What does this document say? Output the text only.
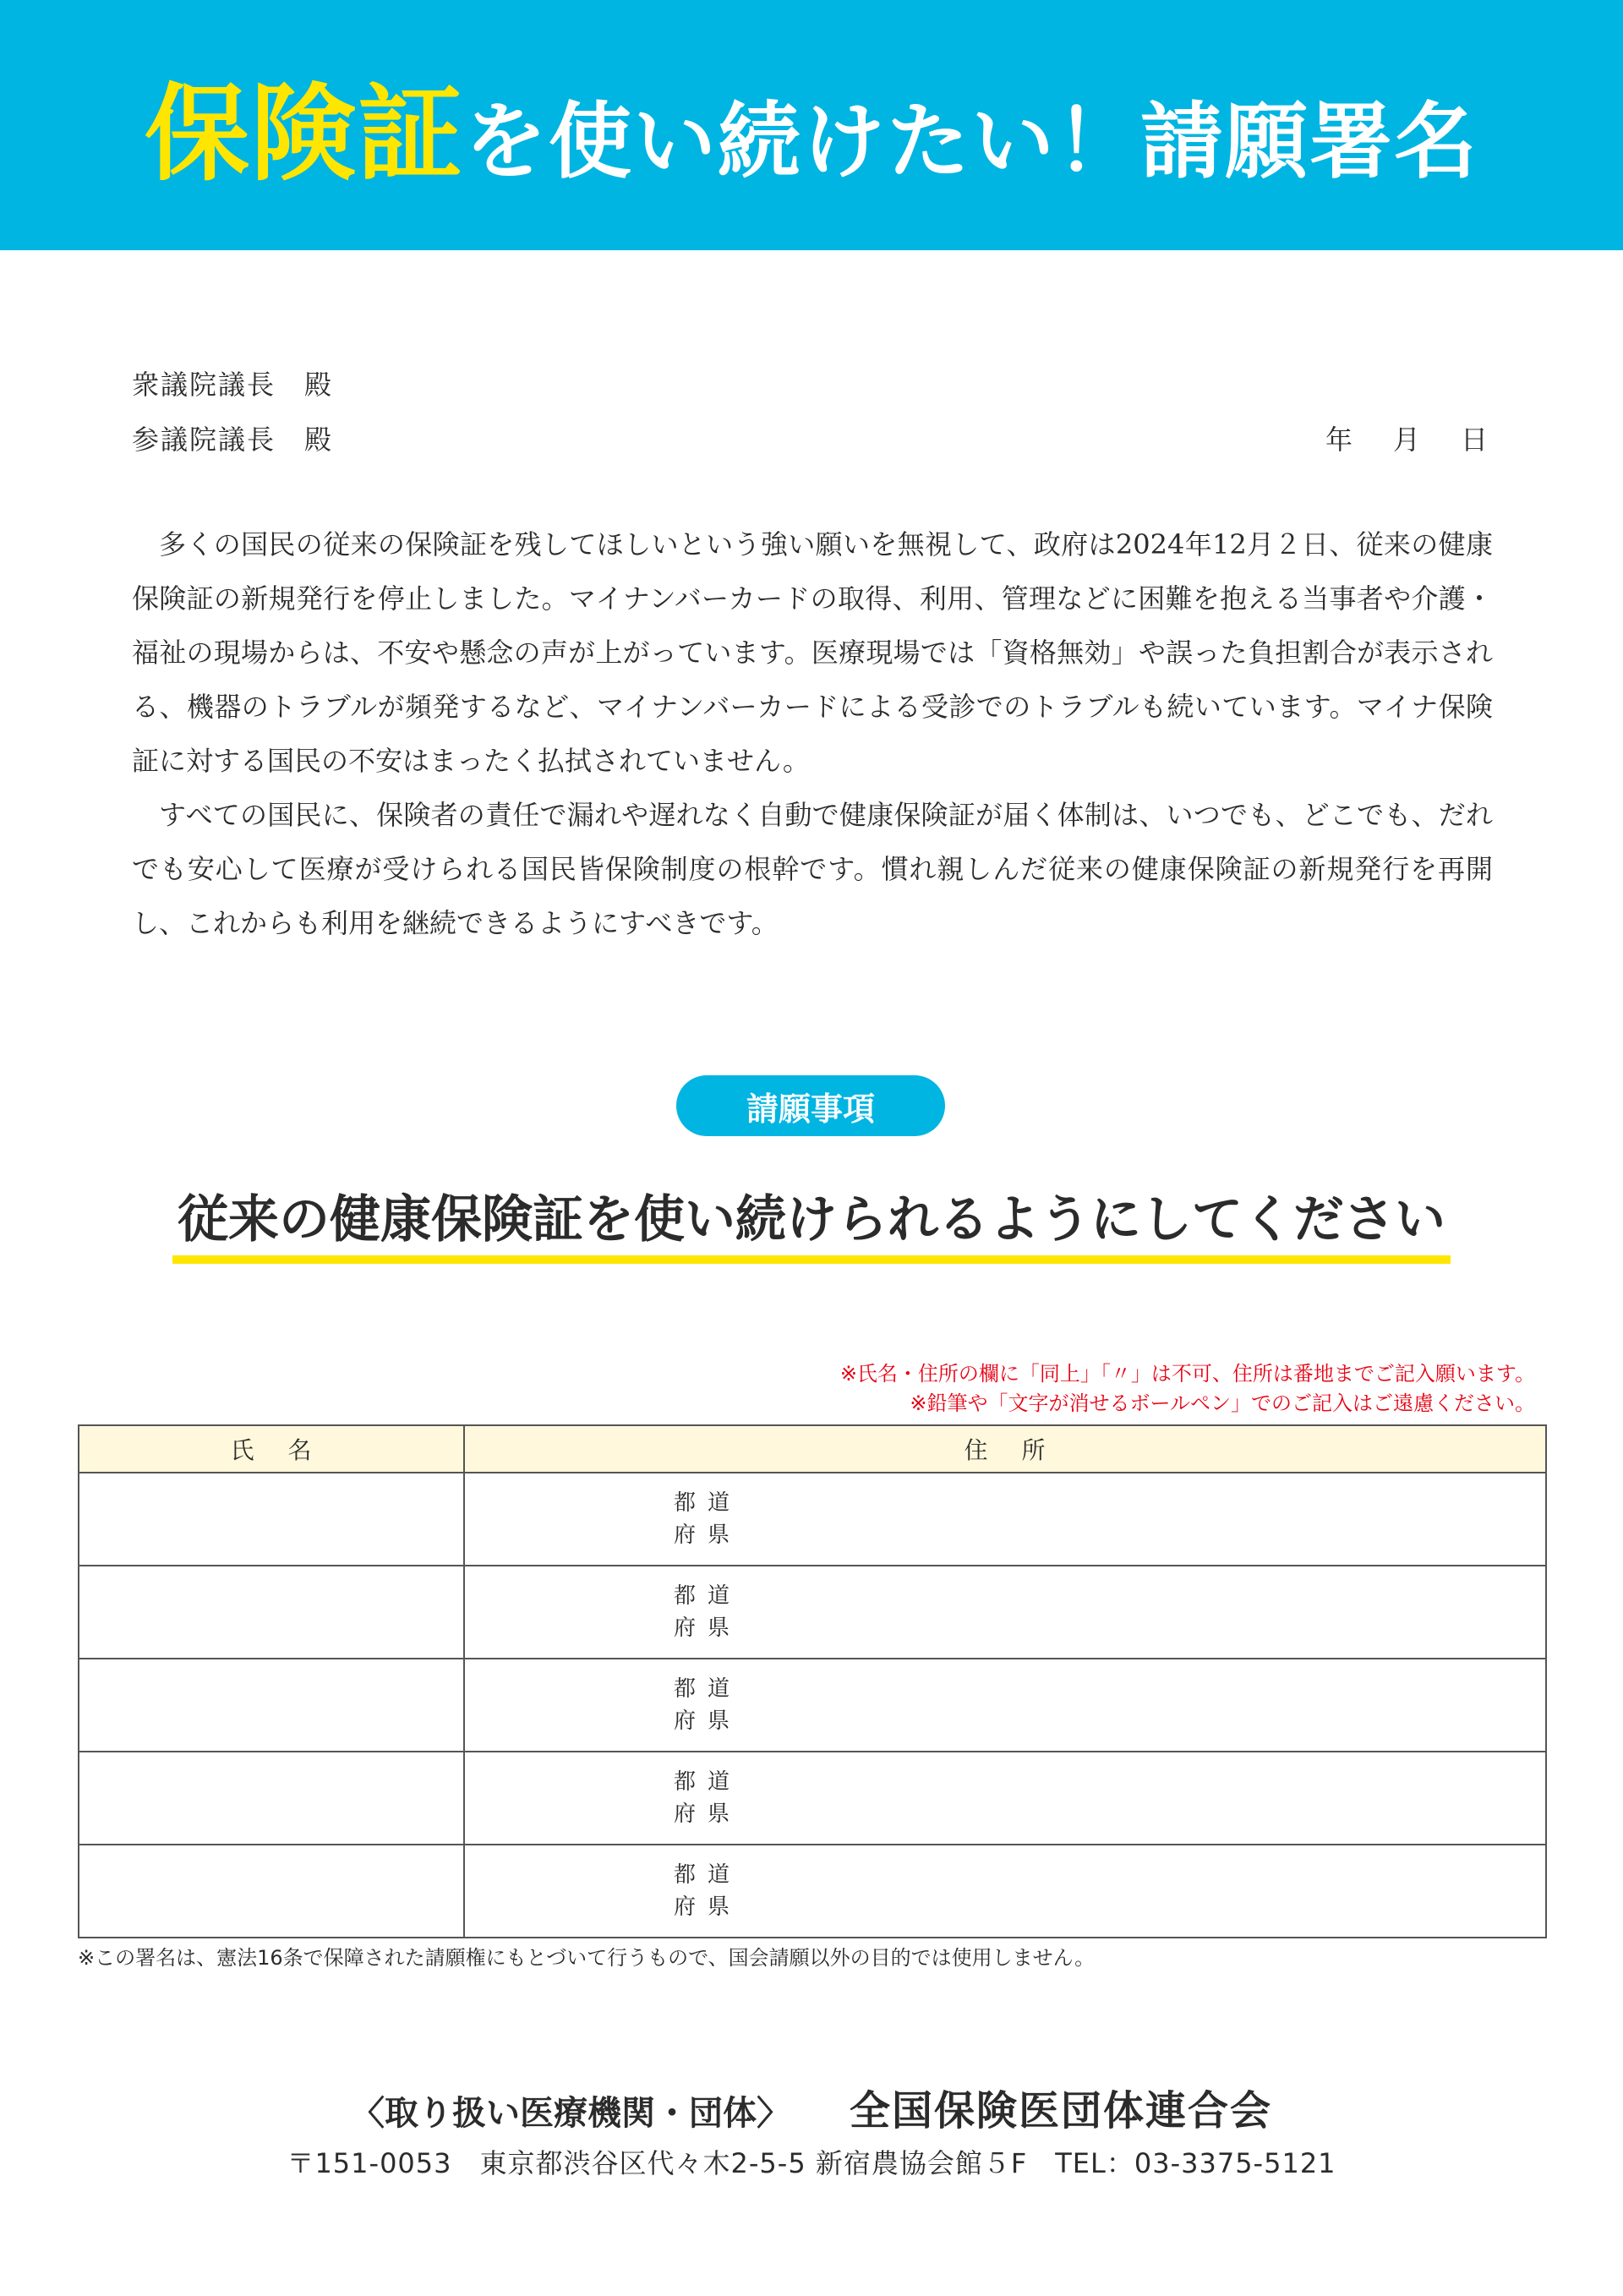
保険証を使い続けたい！請願署名
衆議院議長　殿
参議院議長　殿	年 月 日

多くの国民の従来の保険証を残してほしいという強い願いを無視して、政府は2024年12月２日、従来の健康保険証の新規発行を停止しました。マイナンバーカードの取得、利用、管理などに困難を抱える当事者や介護・福祉の現場からは、不安や懸念の声が上がっています。医療現場では「資格無効」や誤った負担割合が表示される、機器のトラブルが頻発するなど、マイナンバーカードによる受診でのトラブルも続いています。マイナ保険証に対する国民の不安はまったく払拭されていません。

すべての国民に、保険者の責任で漏れや遅れなく自動で健康保険証が届く体制は、いつでも、どこでも、だれでも安心して医療が受けられる国民皆保険制度の根幹です。慣れ親しんだ従来の健康保険証の新規発行を再開し、これからも利用を継続できるようにすべきです。

請願事項
従来の健康保険証を使い続けられるようにしてください
※氏名・住所の欄に「同上」「〃」は不可、住所は番地までご記入願います。
※鉛筆や「文字が消せるボールペン」でのご記入はご遠慮ください。
氏名	住所

	都道
府県

	都道
府県

	都道
府県

	都道
府県

	都道
府県
※この署名は、憲法16条で保障された請願権にもとづいて行うもので、国会請願以外の目的では使用しません。
〈取り扱い医療機関・団体〉 全国保険医団体連合会
〒151-0053　東京都渋谷区代々木2-5-5 新宿農協会館５F　TEL：03-3375-5121
